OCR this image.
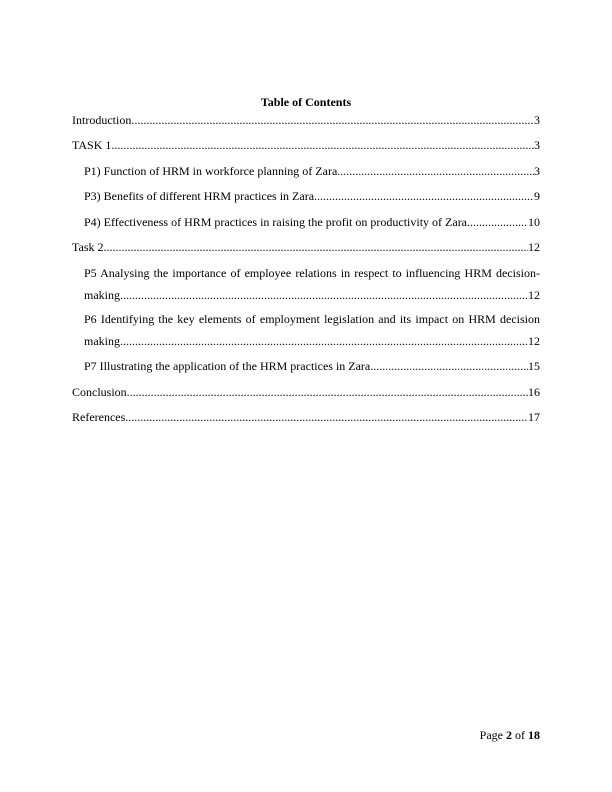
Table of Contents
Introduction .....	3
TASK 1 .....	3
P1) Function of HRM in workforce planning of Zara .....	3
P3) Benefits of different HRM practices in Zara .....	9
P4) Effectiveness of HRM practices in raising the profit on productivity of Zara .....	10
Task 2 .....	12
P5 Analysing the importance of employee relations in respect to influencing HRM decision-
making .....	12
P6 Identifying the key elements of employment legislation and its impact on HRM decision
making .....	12
P7 Illustrating the application of the HRM practices in Zara .....	15
Conclusion .....	16
References .....	17
Page 2 of 18
